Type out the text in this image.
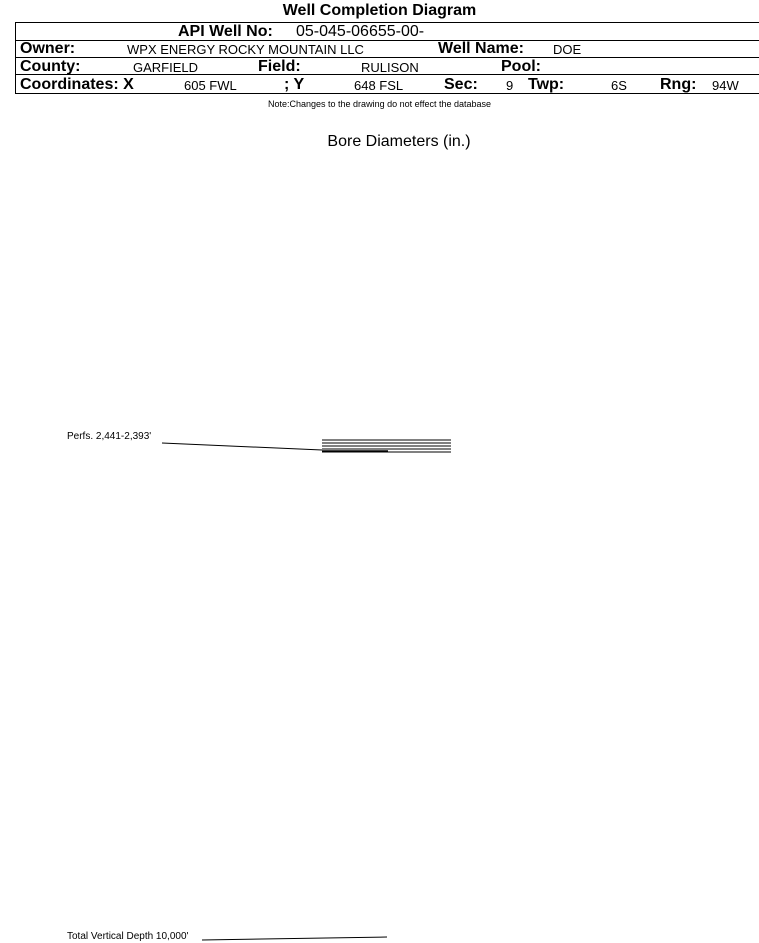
Well Completion Diagram
API Well No: 05-045-06655-00-
Owner:	WPX ENERGY ROCKY MOUNTAIN LLC	Well Name: DOE
County:	GARFIELD	Field:	RULISON	Pool:
Coordinates: X	605 FWL	; Y	648 FSL	Sec: 9 Twp:	6S Rng: 94W
Note:Changes to the drawing do not effect the database
Bore Diameters (in.)
Perfs. 2,441-2,393'
Total Vertical Depth 10,000'
